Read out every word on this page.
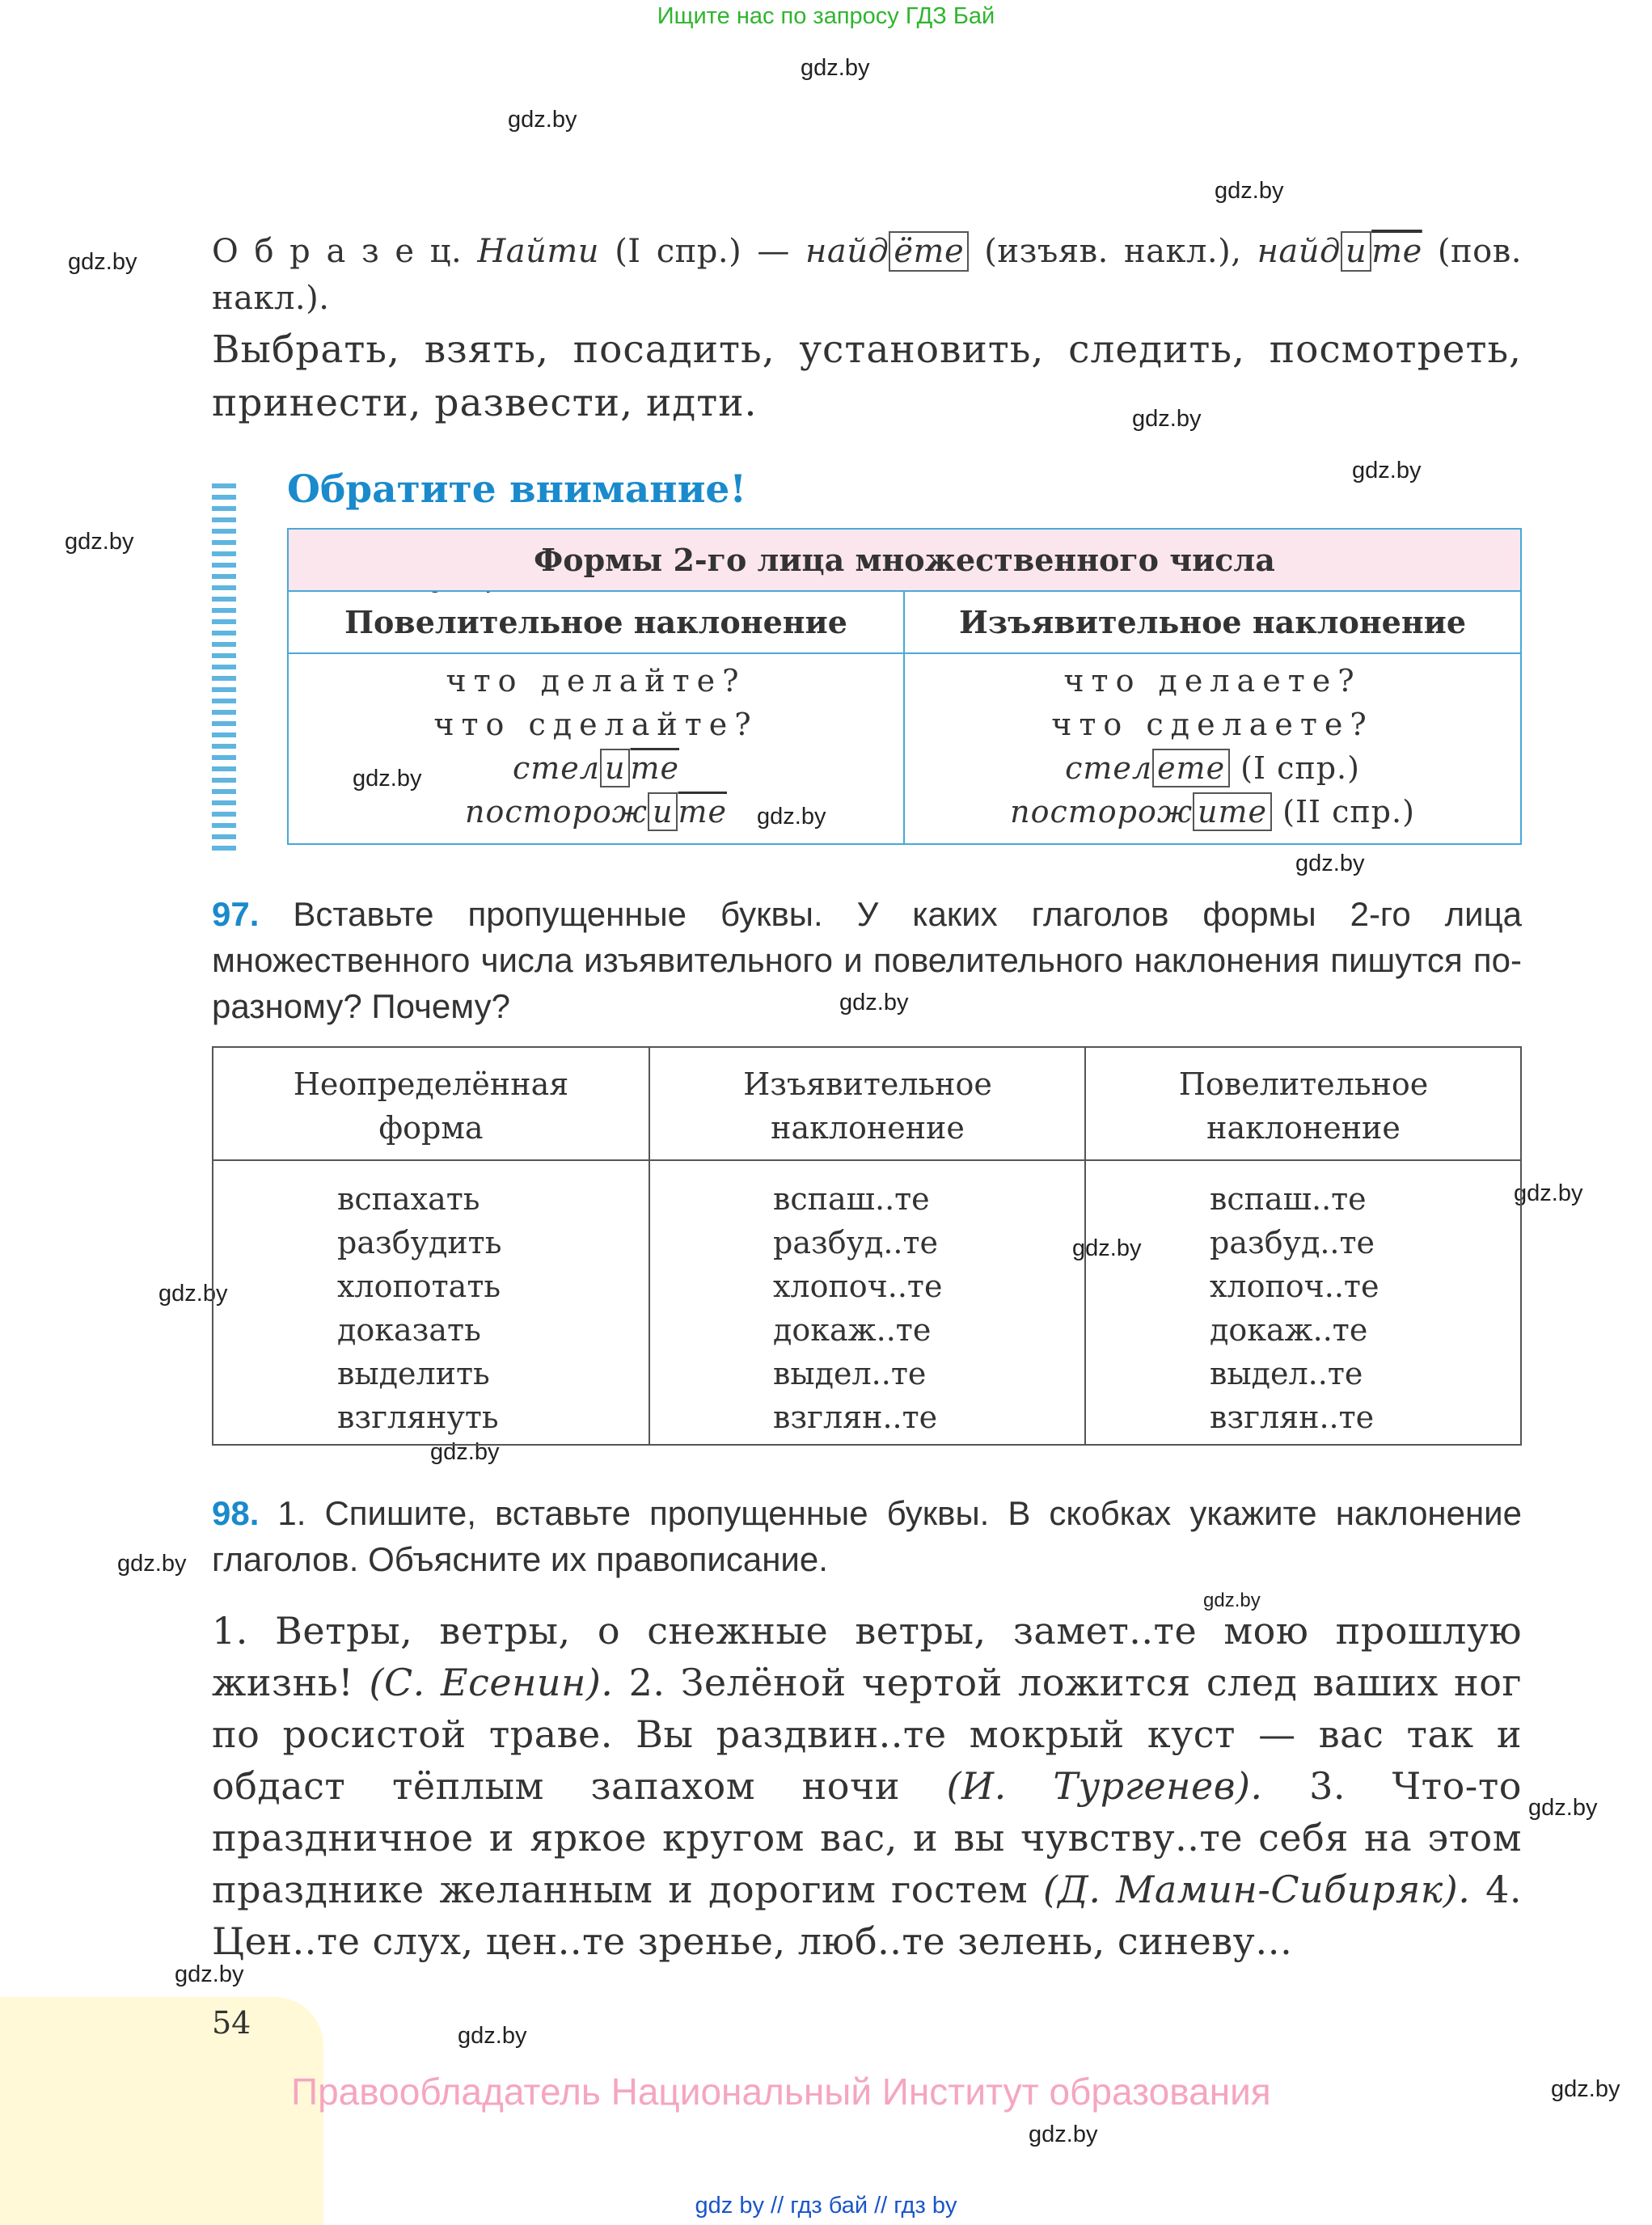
Ищите нас по запросу ГДЗ Бай
gdz.by
gdz.by
gdz.by
gdz.by
gdz.by
gdz.by
gdz.by
gdz.by
gdz.by
gdz.by
gdz.by
gdz.by
gdz.by
gdz.by
gdz.by
gdz.by
gdz.by
gdz.by
gdz.by
gdz.by
gdz.by
gdz.by
О б р а з е ц. Найти (I спр.) — найд ёте (изъяв. накл.), найд и те (пов. накл.).
Выбрать, взять, посадить, установить, следить, посмотреть, принести, развести, идти.
Обратите внимание!
Формы 2-го лица множественного числа
Повелительное наклонение	Изъявительное наклонение
что делайте?
что сделайте?
стел и те
посторож и те
что делаете?
что сделаете?
стел ете (I спр.)
посторож ите (II спр.)
97. Вставьте пропущенные буквы. У каких глаголов формы 2-го лица множественного числа изъявительного и повелительного наклонения пишутся по-разному? Почему?
Неопределённая
форма
Изъявительное
наклонение
Повелительное
наклонение
вспахать
разбудить
хлопотать
доказать
выделить
взглянуть
вспаш..те
разбуд..те
хлопоч..те
докаж..те
выдел..те
взглян..те
вспаш..те
разбуд..те
хлопоч..те
докаж..те
выдел..те
взглян..те
98. 1. Спишите, вставьте пропущенные буквы. В скобках укажите наклонение глаголов. Объясните их правописание.
1. Ветры, ветры, о снежные ветры, замет..те мою прошлую жизнь! (С. Есенин). 2. Зелёной чертой ложится след ваших ног по росистой траве. Вы раздвин..те мокрый куст — вас так и обдаст тёплым запахом ночи (И. Тургенев). 3. Что-то праздничное и яркое кругом вас, и вы чувству..те себя на этом празднике желанным и дорогим гостем (Д. Мамин-Сибиряк). 4. Цен..те слух, цен..те зренье, люб..те зелень, синеву…
54
Правообладатель Национальный Институт образования
gdz by // гдз бай // гдз by
